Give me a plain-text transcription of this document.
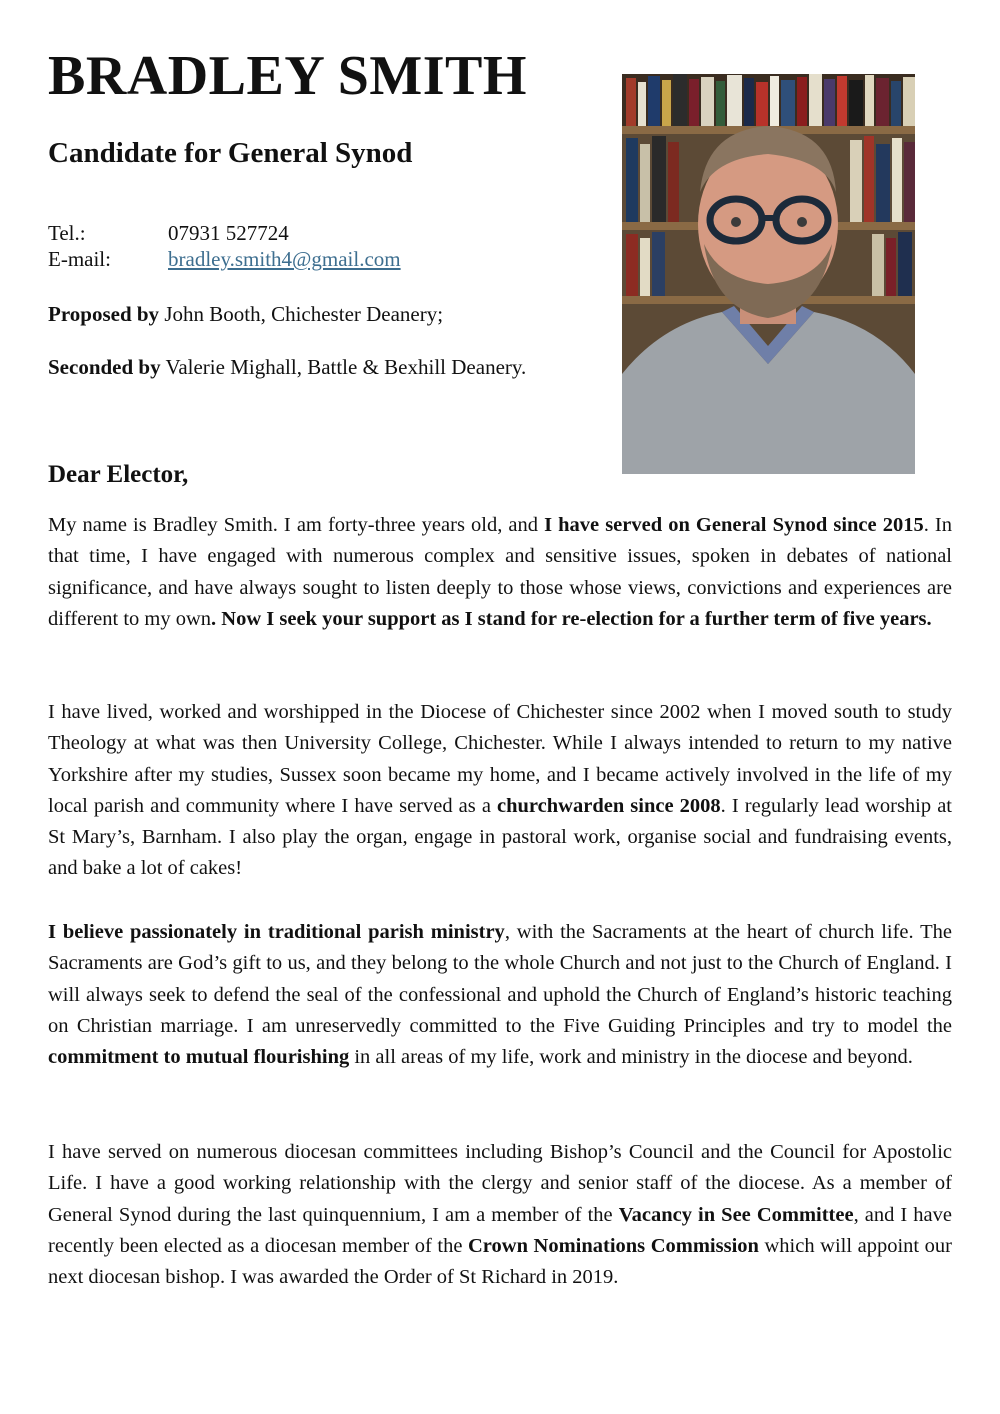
BRADLEY SMITH
Candidate for General Synod
Tel.:	07931 527724
E-mail:	bradley.smith4@gmail.com

Proposed by John Booth, Chichester Deanery;

Seconded by Valerie Mighall, Battle & Bexhill Deanery.

Dear Elector,

My name is Bradley Smith. I am forty-three years old, and I have served on General Synod since 2015. In that time, I have engaged with numerous complex and sensitive issues, spoken in debates of national significance, and have always sought to listen deeply to those whose views, convictions and experiences are different to my own. Now I seek your support as I stand for re-election for a further term of five years.

I have lived, worked and worshipped in the Diocese of Chichester since 2002 when I moved south to study Theology at what was then University College, Chichester. While I always intended to return to my native Yorkshire after my studies, Sussex soon became my home, and I became actively involved in the life of my local parish and community where I have served as a churchwarden since 2008. I regularly lead worship at St Mary’s, Barnham. I also play the organ, engage in pastoral work, organise social and fundraising events, and bake a lot of cakes!

I believe passionately in traditional parish ministry, with the Sacraments at the heart of church life. The Sacraments are God’s gift to us, and they belong to the whole Church and not just to the Church of England. I will always seek to defend the seal of the confessional and uphold the Church of England’s historic teaching on Christian marriage. I am unreservedly committed to the Five Guiding Principles and try to model the commitment to mutual flourishing in all areas of my life, work and ministry in the diocese and beyond.

I have served on numerous diocesan committees including Bishop’s Council and the Council for Apostolic Life. I have a good working relationship with the clergy and senior staff of the diocese. As a member of General Synod during the last quinquennium, I am a member of the Vacancy in See Committee, and I have recently been elected as a diocesan member of the Crown Nominations Commission which will appoint our next diocesan bishop. I was awarded the Order of St Richard in 2019.
